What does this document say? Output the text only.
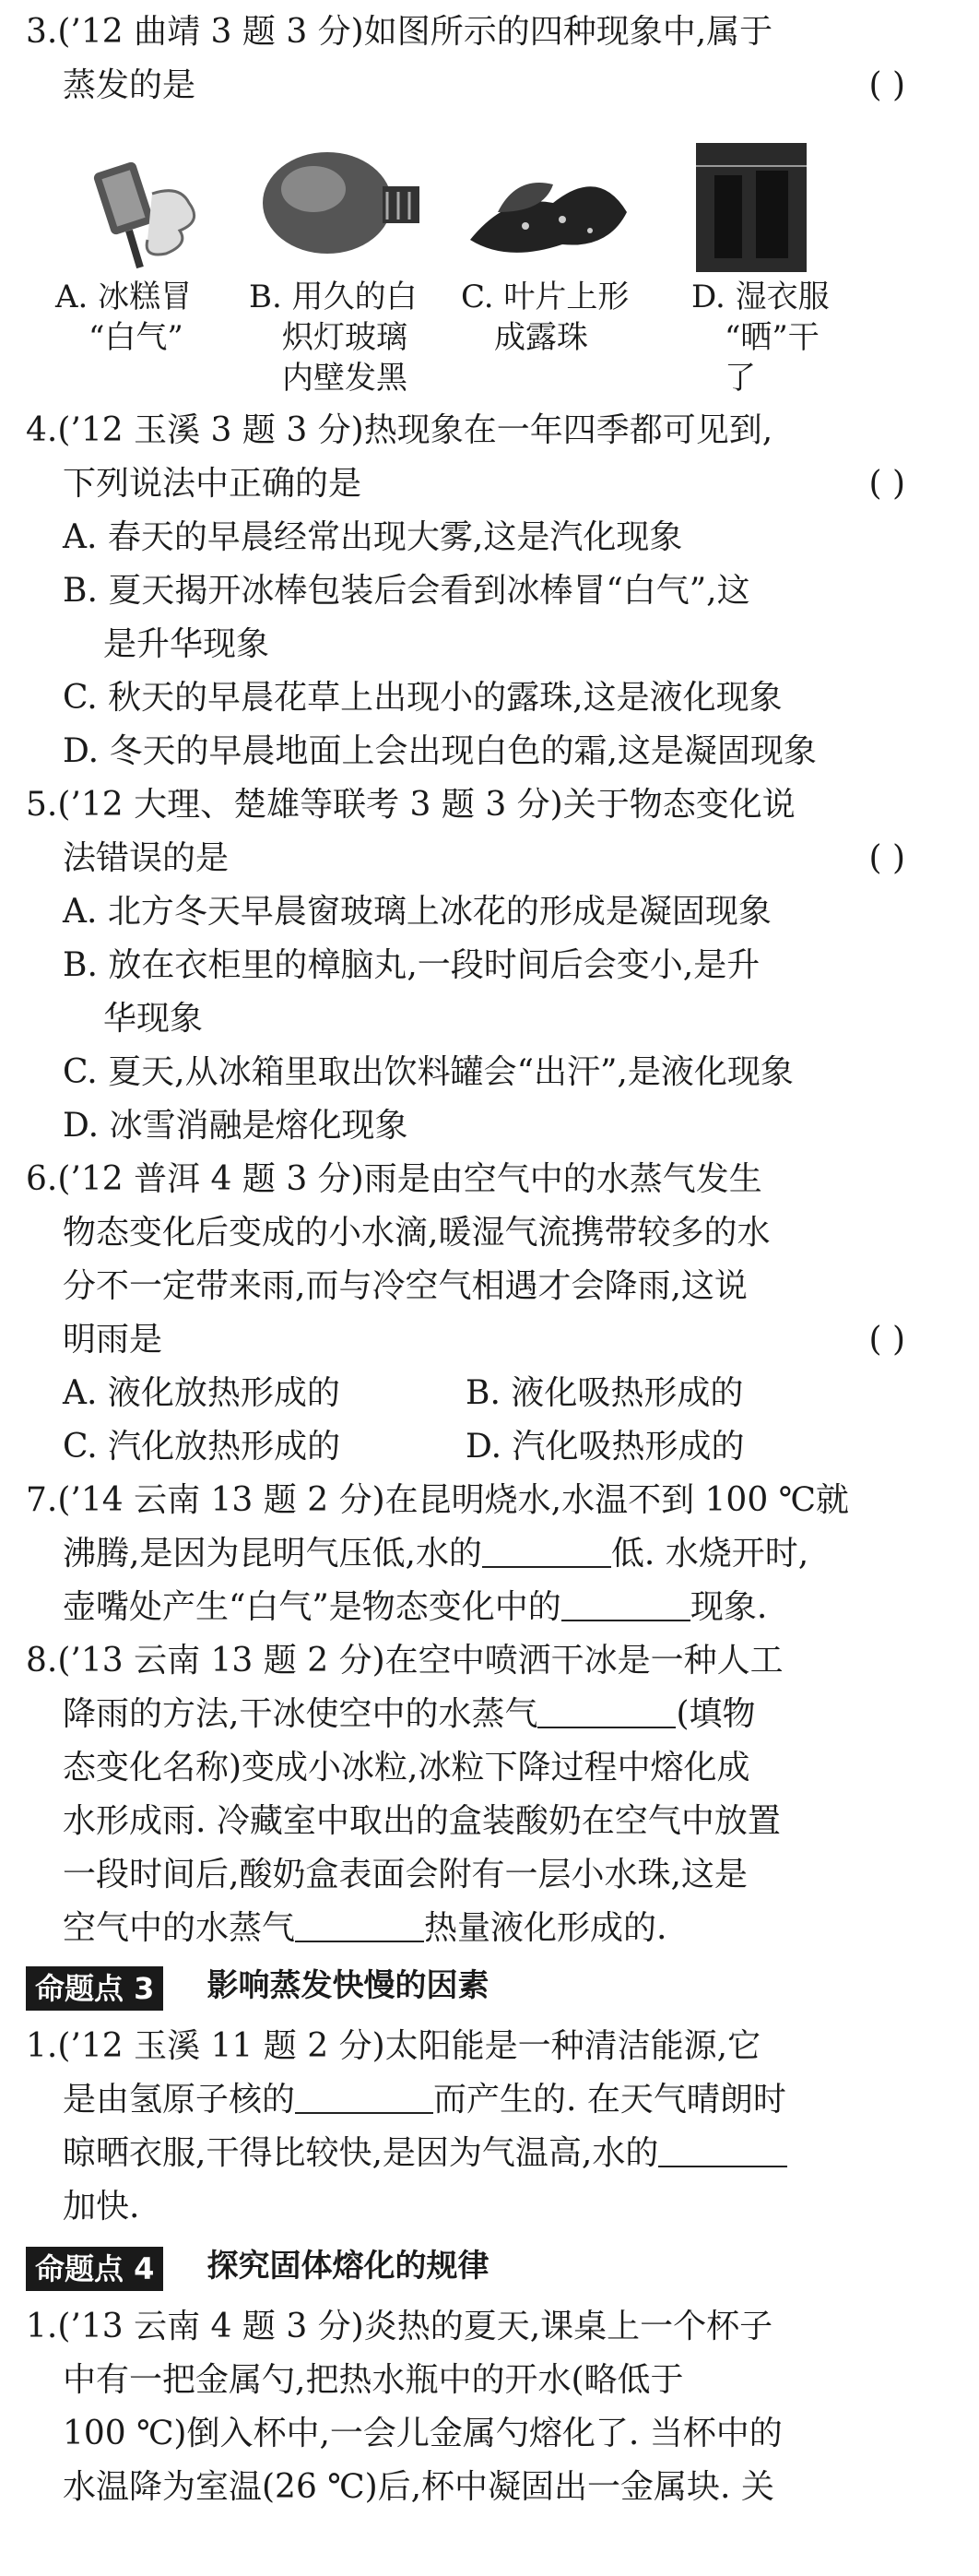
3.(’12 曲靖 3 题 3 分)如图所示的四种现象中,属于
蒸发的是	( )
A. 冰糕冒
“白气”
B. 用久的白
炽灯玻璃
内壁发黑
C. 叶片上形
成露珠
D. 湿衣服
“晒”干
了
4.(’12 玉溪 3 题 3 分)热现象在一年四季都可见到,
下列说法中正确的是	( )
A. 春天的早晨经常出现大雾,这是汽化现象
B. 夏天揭开冰棒包装后会看到冰棒冒“白气”,这
是升华现象
C. 秋天的早晨花草上出现小的露珠,这是液化现象
D. 冬天的早晨地面上会出现白色的霜,这是凝固现象
5.(’12 大理、楚雄等联考 3 题 3 分)关于物态变化说
法错误的是	( )
A. 北方冬天早晨窗玻璃上冰花的形成是凝固现象
B. 放在衣柜里的樟脑丸,一段时间后会变小,是升
华现象
C. 夏天,从冰箱里取出饮料罐会“出汗”,是液化现象
D. 冰雪消融是熔化现象
6.(’12 普洱 4 题 3 分)雨是由空气中的水蒸气发生
物态变化后变成的小水滴,暖湿气流携带较多的水
分不一定带来雨,而与冷空气相遇才会降雨,这说
明雨是	( )
A. 液化放热形成的	B. 液化吸热形成的
C. 汽化放热形成的	D. 汽化吸热形成的
7.(’14 云南 13 题 2 分)在昆明烧水,水温不到 100 ℃就
沸腾,是因为昆明气压低,水的	低. 水烧开时,
壶嘴处产生“白气”是物态变化中的	现象.
8.(’13 云南 13 题 2 分)在空中喷洒干冰是一种人工
降雨的方法,干冰使空中的水蒸气	(填物
态变化名称)变成小冰粒,冰粒下降过程中熔化成
水形成雨. 冷藏室中取出的盒装酸奶在空气中放置
一段时间后,酸奶盒表面会附有一层小水珠,这是
空气中的水蒸气	热量液化形成的.
命题点 3 影响蒸发快慢的因素
1.(’12 玉溪 11 题 2 分)太阳能是一种清洁能源,它
是由氢原子核的	而产生的. 在天气晴朗时
晾晒衣服,干得比较快,是因为气温高,水的
加快.
命题点 4 探究固体熔化的规律
1.(’13 云南 4 题 3 分)炎热的夏天,课桌上一个杯子
中有一把金属勺,把热水瓶中的开水(略低于
100 ℃)倒入杯中,一会儿金属勺熔化了. 当杯中的
水温降为室温(26 ℃)后,杯中凝固出一金属块. 关
